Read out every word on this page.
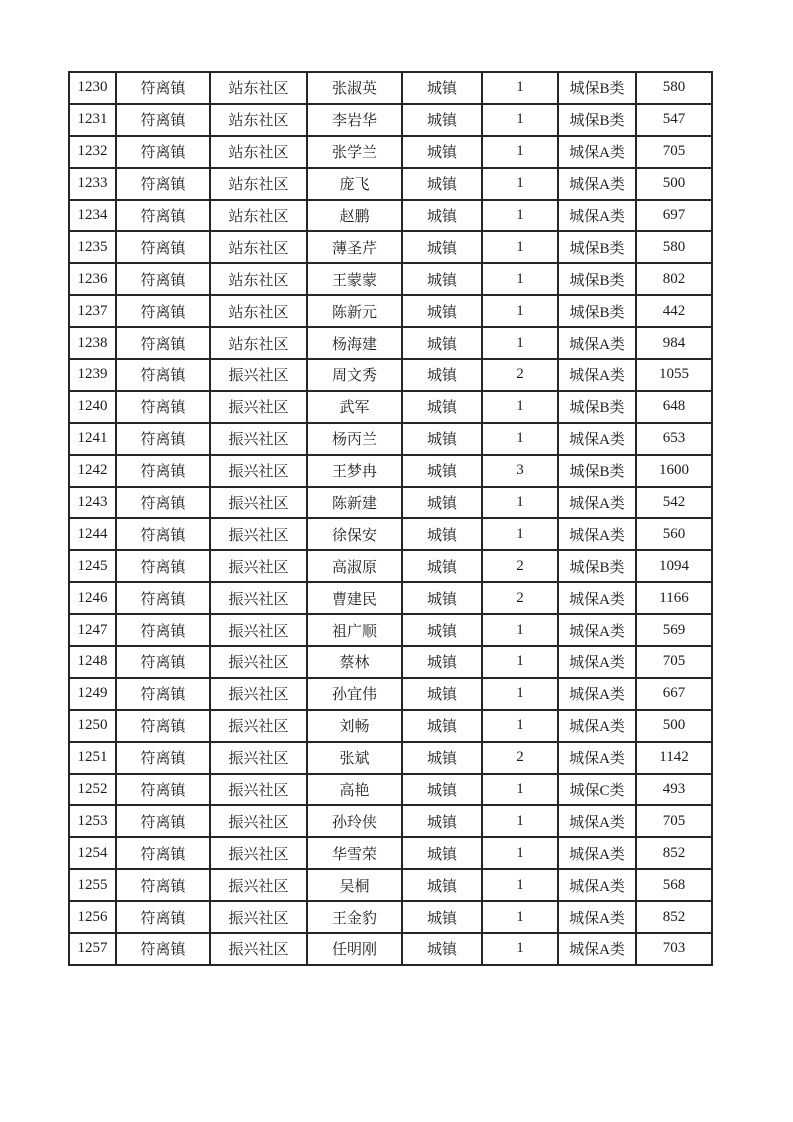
1230	符离镇	站东社区	张淑英	城镇	1	城保B类	580
1231	符离镇	站东社区	李岩华	城镇	1	城保B类	547
1232	符离镇	站东社区	张学兰	城镇	1	城保A类	705
1233	符离镇	站东社区	庞飞	城镇	1	城保A类	500
1234	符离镇	站东社区	赵鹏	城镇	1	城保A类	697
1235	符离镇	站东社区	薄圣芹	城镇	1	城保B类	580
1236	符离镇	站东社区	王蒙蒙	城镇	1	城保B类	802
1237	符离镇	站东社区	陈新元	城镇	1	城保B类	442
1238	符离镇	站东社区	杨海建	城镇	1	城保A类	984
1239	符离镇	振兴社区	周文秀	城镇	2	城保A类	1055
1240	符离镇	振兴社区	武军	城镇	1	城保B类	648
1241	符离镇	振兴社区	杨丙兰	城镇	1	城保A类	653
1242	符离镇	振兴社区	王梦冉	城镇	3	城保B类	1600
1243	符离镇	振兴社区	陈新建	城镇	1	城保A类	542
1244	符离镇	振兴社区	徐保安	城镇	1	城保A类	560
1245	符离镇	振兴社区	高淑原	城镇	2	城保B类	1094
1246	符离镇	振兴社区	曹建民	城镇	2	城保A类	1166
1247	符离镇	振兴社区	祖广顺	城镇	1	城保A类	569
1248	符离镇	振兴社区	蔡林	城镇	1	城保A类	705
1249	符离镇	振兴社区	孙宜伟	城镇	1	城保A类	667
1250	符离镇	振兴社区	刘畅	城镇	1	城保A类	500
1251	符离镇	振兴社区	张斌	城镇	2	城保A类	1142
1252	符离镇	振兴社区	高艳	城镇	1	城保C类	493
1253	符离镇	振兴社区	孙玲侠	城镇	1	城保A类	705
1254	符离镇	振兴社区	华雪荣	城镇	1	城保A类	852
1255	符离镇	振兴社区	吴桐	城镇	1	城保A类	568
1256	符离镇	振兴社区	王金豹	城镇	1	城保A类	852
1257	符离镇	振兴社区	任明刚	城镇	1	城保A类	703
